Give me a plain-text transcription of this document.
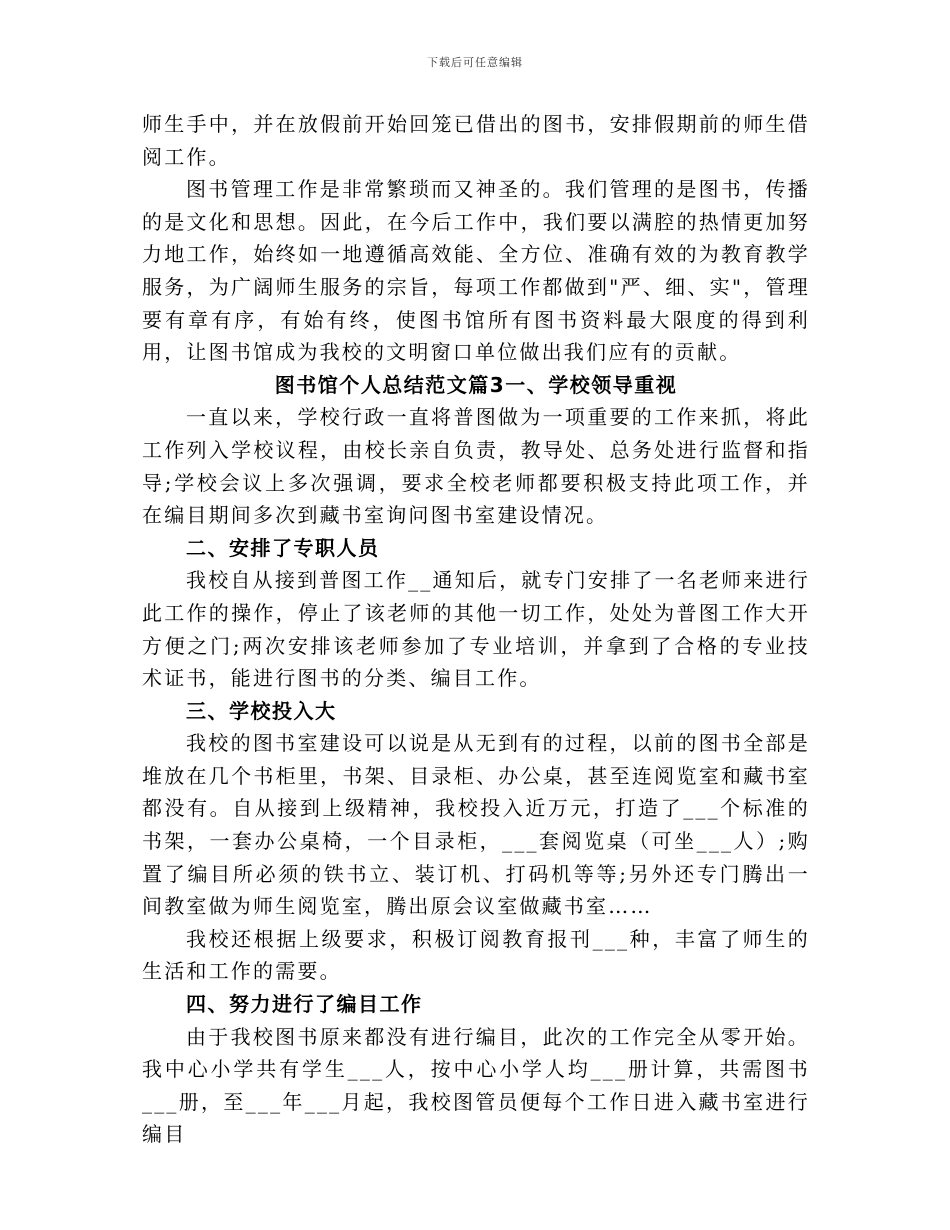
下载后可任意编辑

师生手中，并在放假前开始回笼已借出的图书，安排假期前的师生借阅工作。

图书管理工作是非常繁琐而又神圣的。我们管理的是图书，传播的是文化和思想。因此，在今后工作中，我们要以满腔的热情更加努力地工作，始终如一地遵循高效能、全方位、准确有效的为教育教学服务，为广阔师生服务的宗旨，每项工作都做到"严、细、实"，管理要有章有序，有始有终，使图书馆所有图书资料最大限度的得到利用，让图书馆成为我校的文明窗口单位做出我们应有的贡献。

图书馆个人总结范文篇3一、学校领导重视

一直以来，学校行政一直将普图做为一项重要的工作来抓，将此工作列入学校议程，由校长亲自负责，教导处、总务处进行监督和指导;学校会议上多次强调，要求全校老师都要积极支持此项工作，并在编目期间多次到藏书室询问图书室建设情况。

二、安排了专职人员

我校自从接到普图工作__通知后，就专门安排了一名老师来进行此工作的操作，停止了该老师的其他一切工作，处处为普图工作大开方便之门;两次安排该老师参加了专业培训，并拿到了合格的专业技术证书，能进行图书的分类、编目工作。

三、学校投入大

我校的图书室建设可以说是从无到有的过程，以前的图书全部是堆放在几个书柜里，书架、目录柜、办公桌，甚至连阅览室和藏书室都没有。自从接到上级精神，我校投入近万元，打造了___个标准的书架，一套办公桌椅，一个目录柜，___套阅览桌（可坐___人）;购置了编目所必须的铁书立、装订机、打码机等等;另外还专门腾出一间教室做为师生阅览室，腾出原会议室做藏书室……

我校还根据上级要求，积极订阅教育报刊___种，丰富了师生的生活和工作的需要。

四、努力进行了编目工作

由于我校图书原来都没有进行编目，此次的工作完全从零开始。我中心小学共有学生___人，按中心小学人均___册计算，共需图书___册，至___年___月起，我校图管员便每个工作日进入藏书室进行编目
